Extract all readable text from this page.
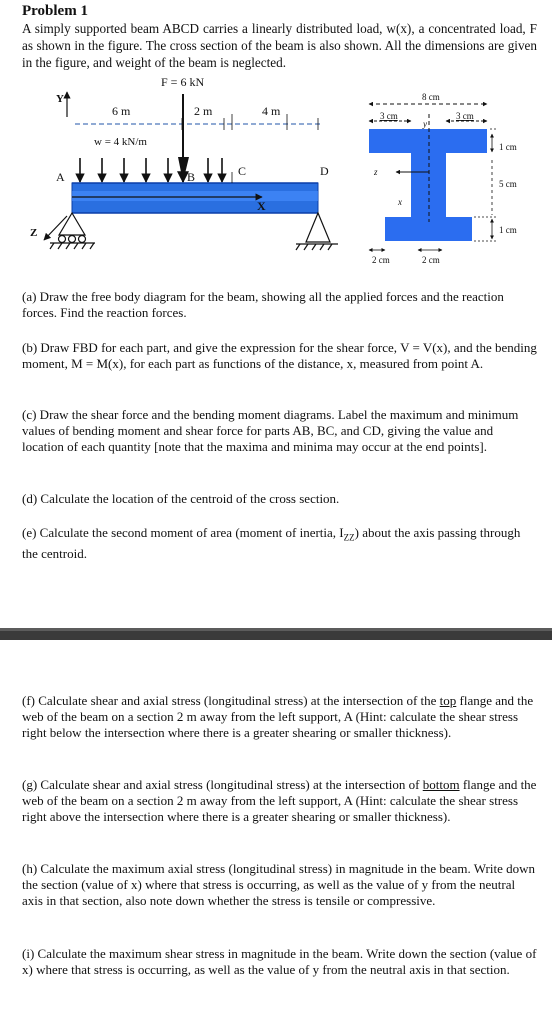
Problem 1
A simply supported beam ABCD carries a linearly distributed load, w(x), a concentrated load, F as shown in the figure. The cross section of the beam is also shown. All the dimensions are given in the figure, and weight of the beam is neglected.
F = 6 kN
Y
6 m	2 m	4 m
w = 4 kN/m
A	B	C	D
X
Z
8 cm
3 cm	3 cm
y
z
x
1 cm
5 cm
1 cm
2 cm	2 cm
(a) Draw the free body diagram for the beam, showing all the applied forces and the reaction forces. Find the reaction forces.
(b) Draw FBD for each part, and give the expression for the shear force, V = V(x), and the bending moment, M = M(x), for each part as functions of the distance, x, measured from point A.
(c) Draw the shear force and the bending moment diagrams. Label the maximum and minimum values of bending moment and shear force for parts AB, BC, and CD, giving the value and location of each quantity [note that the maxima and minima may occur at the end points].
(d) Calculate the location of the centroid of the cross section.
(e) Calculate the second moment of area (moment of inertia, $I_{ZZ}$) about the axis passing through the centroid.
(f) Calculate shear and axial stress (longitudinal stress) at the intersection of the top flange and the web of the beam on a section 2 m away from the left support, A (Hint: calculate the shear stress right below the intersection where there is a greater shearing or smaller thickness).
(g) Calculate shear and axial stress (longitudinal stress) at the intersection of bottom flange and the web of the beam on a section 2 m away from the left support, A (Hint: calculate the shear stress right above the intersection where there is a greater shearing or smaller thickness).
(h) Calculate the maximum axial stress (longitudinal stress) in magnitude in the beam. Write down the section (value of x) where that stress is occurring, as well as the value of y from the neutral axis in that section, also note down whether the stress is tensile or compressive.
(i) Calculate the maximum shear stress in magnitude in the beam. Write down the section (value of x) where that stress is occurring, as well as the value of y from the neutral axis in that section.
